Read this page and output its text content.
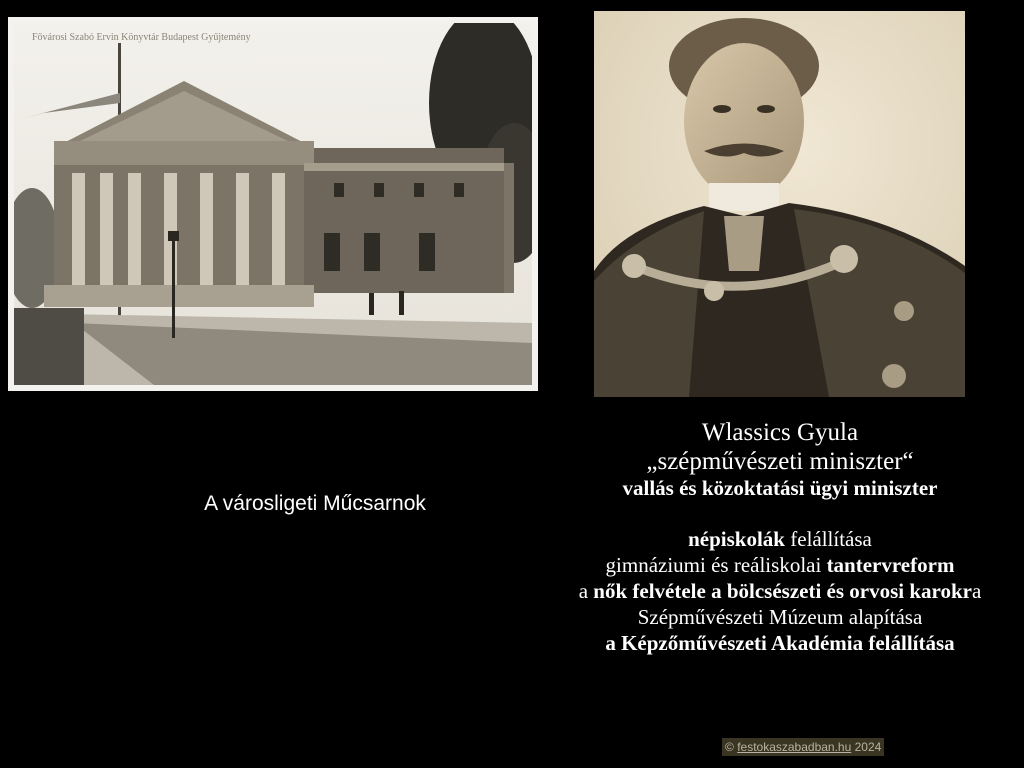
Fővárosi Szabó Ervin Könyvtár Budapest Gyűjtemény
A városligeti Műcsarnok
Wlassics Gyula
„szépművészeti miniszter“
vallás és közoktatási ügyi miniszter
népiskolák felállítása
gimnáziumi és reáliskolai tantervreform
a nők felvétele a bölcsészeti és orvosi karokra
Szépművészeti Múzeum alapítása
a Képzőművészeti Akadémia felállítása
© festokaszabadban.hu 2024
